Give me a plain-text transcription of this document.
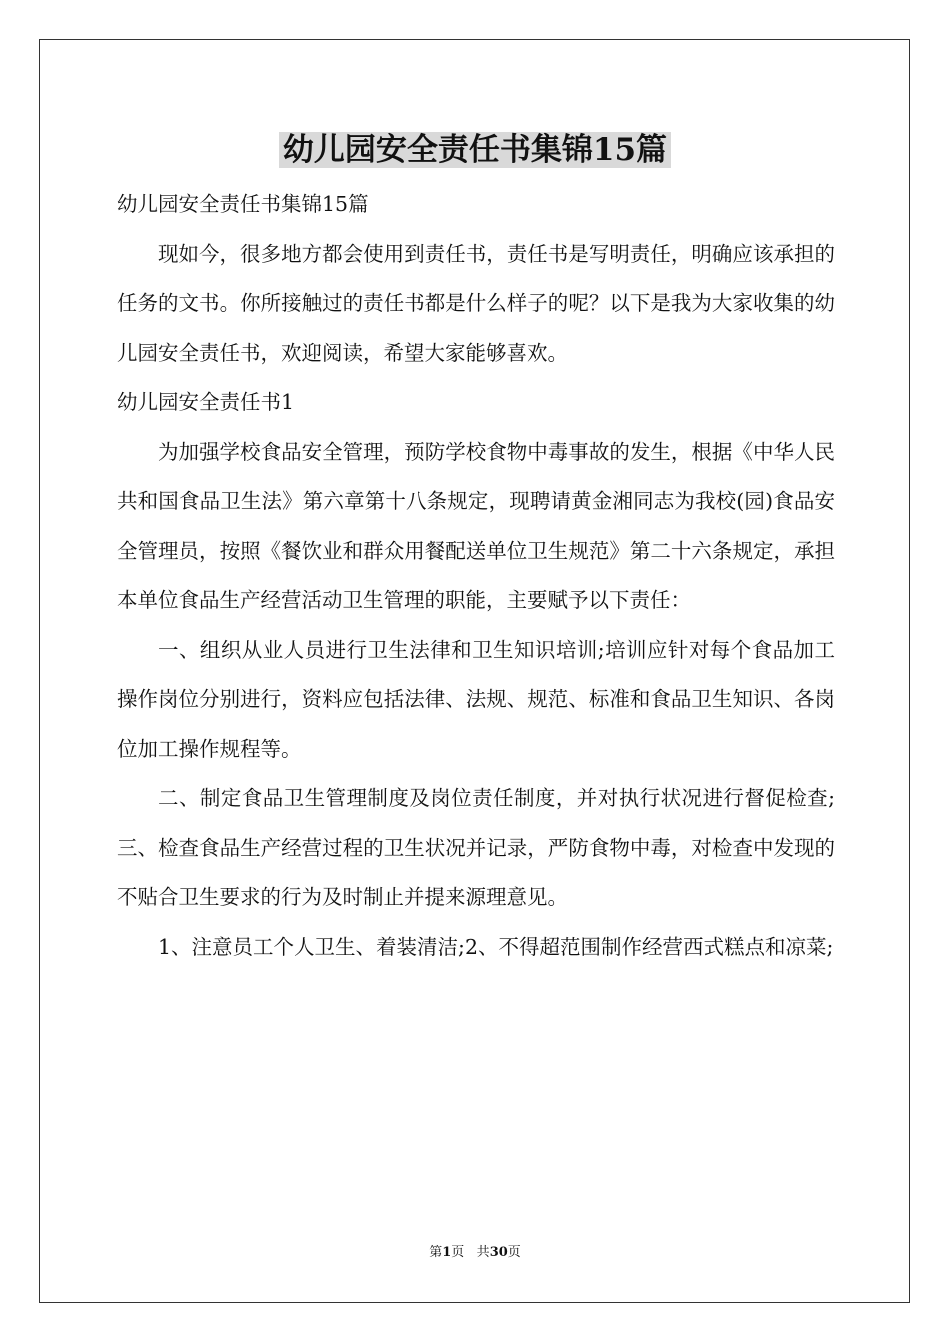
幼儿园安全责任书集锦15篇

幼儿园安全责任书集锦15篇

现如今，很多地方都会使用到责任书，责任书是写明责任，明确应该承担的任务的文书。你所接触过的责任书都是什么样子的呢？以下是我为大家收集的幼儿园安全责任书，欢迎阅读，希望大家能够喜欢。

幼儿园安全责任书1

为加强学校食品安全管理，预防学校食物中毒事故的发生，根据《中华人民共和国食品卫生法》第六章第十八条规定，现聘请黄金湘同志为我校(园)食品安全管理员，按照《餐饮业和群众用餐配送单位卫生规范》第二十六条规定，承担本单位食品生产经营活动卫生管理的职能，主要赋予以下责任：

一、组织从业人员进行卫生法律和卫生知识培训;培训应针对每个食品加工操作岗位分别进行，资料应包括法律、法规、规范、标准和食品卫生知识、各岗位加工操作规程等。

二、制定食品卫生管理制度及岗位责任制度，并对执行状况进行督促检查;三、检查食品生产经营过程的卫生状况并记录，严防食物中毒，对检查中发现的不贴合卫生要求的行为及时制止并提来源理意见。

1、注意员工个人卫生、着装清洁;2、不得超范围制作经营西式糕点和凉菜;

第1页 共30页
